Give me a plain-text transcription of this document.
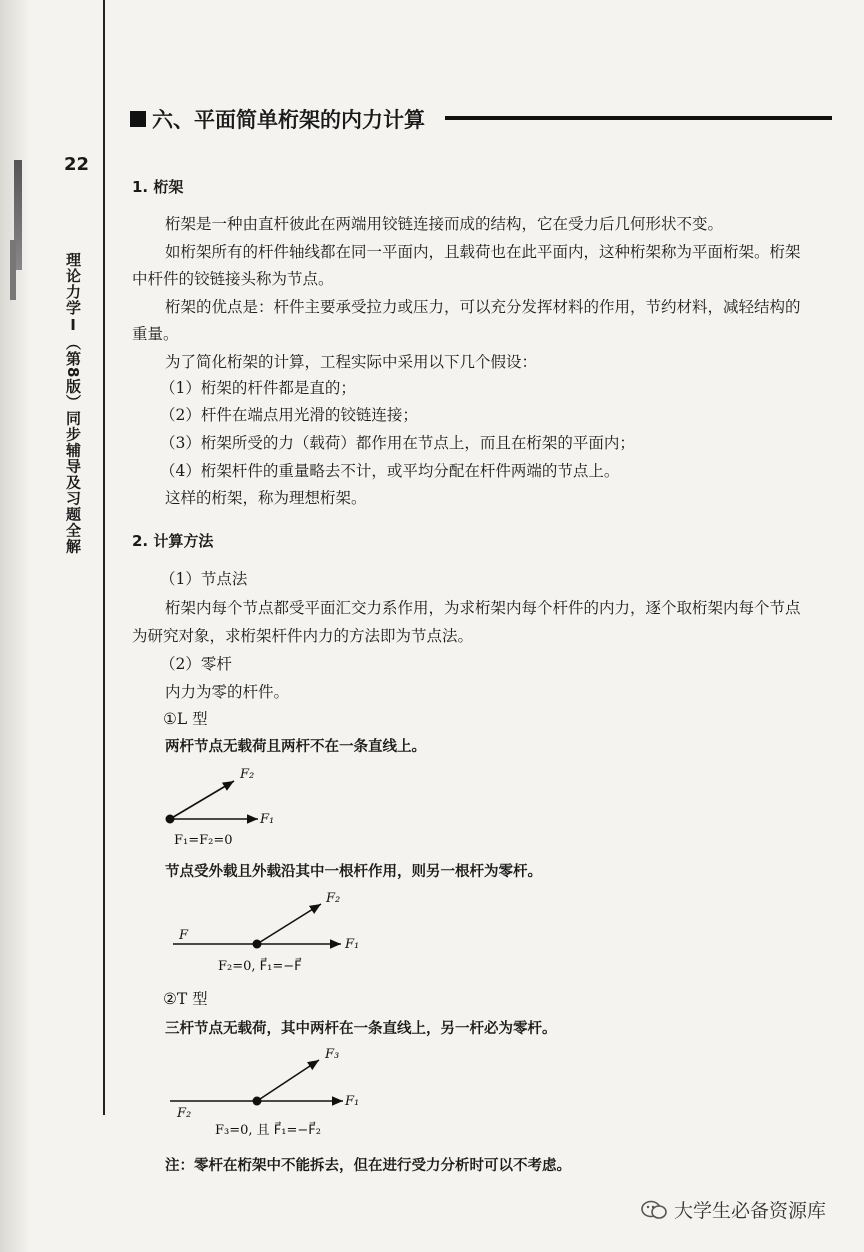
22
理论力学Ⅰ（第8版）同步辅导及习题全解
六、平面简单桁架的内力计算
1. 桁架
桁架是一种由直杆彼此在两端用铰链连接而成的结构，它在受力后几何形状不变。
如桁架所有的杆件轴线都在同一平面内，且载荷也在此平面内，这种桁架称为平面桁架。桁架
中杆件的铰链接头称为节点。
桁架的优点是：杆件主要承受拉力或压力，可以充分发挥材料的作用，节约材料，减轻结构的
重量。
为了简化桁架的计算，工程实际中采用以下几个假设：
（1）桁架的杆件都是直的；
（2）杆件在端点用光滑的铰链连接；
（3）桁架所受的力（载荷）都作用在节点上，而且在桁架的平面内；
（4）桁架杆件的重量略去不计，或平均分配在杆件两端的节点上。
这样的桁架，称为理想桁架。
2. 计算方法
（1）节点法
桁架内每个节点都受平面汇交力系作用，为求桁架内每个杆件的内力，逐个取桁架内每个节点
为研究对象，求桁架杆件内力的方法即为节点法。
（2）零杆
内力为零的杆件。
①L 型
两杆节点无载荷且两杆不在一条直线上。
F₂
F₁
F₁=F₂=0
节点受外载且外载沿其中一根杆作用，则另一根杆为零杆。
F
F₂
F₁
F₂=0, F⃗₁=−F⃗
②T 型
三杆节点无载荷，其中两杆在一条直线上，另一杆必为零杆。
F₃
F₂
F₁
F₃=0, 且 F⃗₁=−F⃗₂
注：零杆在桁架中不能拆去，但在进行受力分析时可以不考虑。
大学生必备资源库
